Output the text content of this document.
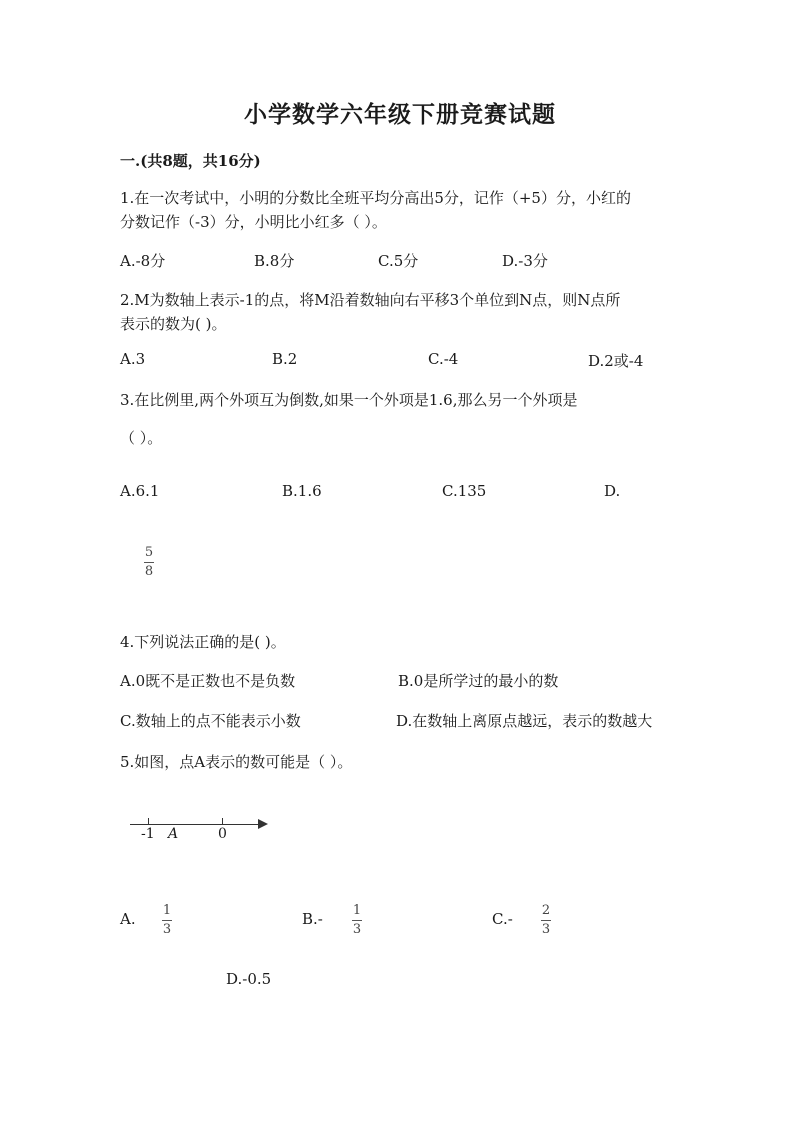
小学数学六年级下册竞赛试题
一.(共8题，共16分)
1.在一次考试中，小明的分数比全班平均分高出5分，记作（+5）分，小红的
分数记作（-3）分，小明比小红多（ ）。
A.-8分	B.8分	C.5分	D.-3分
2.M为数轴上表示-1的点，将M沿着数轴向右平移3个单位到N点，则N点所
表示的数为( )。
A.3	B.2	C.-4	D.2或-4
3.在比例里,两个外项互为倒数,如果一个外项是1.6,那么另一个外项是
（ ）。
A.6.1	B.1.6	C.135	D.
5
8
4.下列说法正确的是( )。
A.0既不是正数也不是负数	B.0是所学过的最小的数
C.数轴上的点不能表示小数	D.在数轴上离原点越远，表示的数越大
5.如图，点A表示的数可能是（ ）。
-1 A	0
A. 1
3
B.- 1
3
C.- 2
3
D.-0.5
